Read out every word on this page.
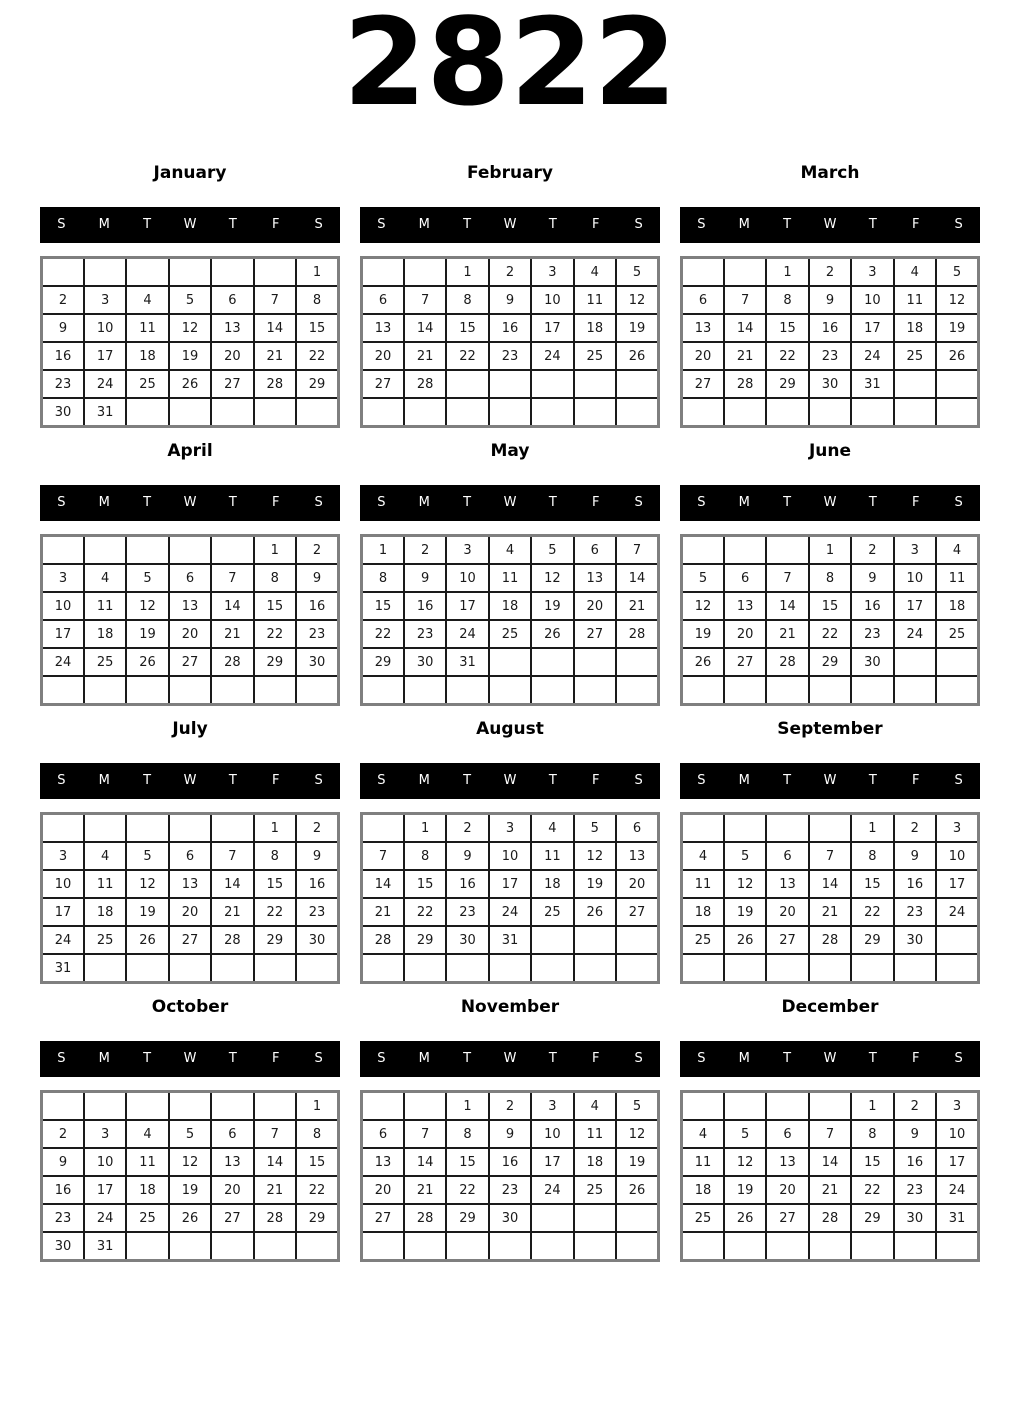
2822
January
S	M	T	W	T	F	S
						1
2	3	4	5	6	7	8
9	10	11	12	13	14	15
16	17	18	19	20	21	22
23	24	25	26	27	28	29
30	31					
February
S	M	T	W	T	F	S
		1	2	3	4	5
6	7	8	9	10	11	12
13	14	15	16	17	18	19
20	21	22	23	24	25	26
27	28					

March
S	M	T	W	T	F	S
		1	2	3	4	5
6	7	8	9	10	11	12
13	14	15	16	17	18	19
20	21	22	23	24	25	26
27	28	29	30	31		

April
S	M	T	W	T	F	S
					1	2
3	4	5	6	7	8	9
10	11	12	13	14	15	16
17	18	19	20	21	22	23
24	25	26	27	28	29	30

May
S	M	T	W	T	F	S
1	2	3	4	5	6	7
8	9	10	11	12	13	14
15	16	17	18	19	20	21
22	23	24	25	26	27	28
29	30	31				

June
S	M	T	W	T	F	S
			1	2	3	4
5	6	7	8	9	10	11
12	13	14	15	16	17	18
19	20	21	22	23	24	25
26	27	28	29	30		

July
S	M	T	W	T	F	S
					1	2
3	4	5	6	7	8	9
10	11	12	13	14	15	16
17	18	19	20	21	22	23
24	25	26	27	28	29	30
31						
August
S	M	T	W	T	F	S
	1	2	3	4	5	6
7	8	9	10	11	12	13
14	15	16	17	18	19	20
21	22	23	24	25	26	27
28	29	30	31			

September
S	M	T	W	T	F	S
				1	2	3
4	5	6	7	8	9	10
11	12	13	14	15	16	17
18	19	20	21	22	23	24
25	26	27	28	29	30	

October
S	M	T	W	T	F	S
						1
2	3	4	5	6	7	8
9	10	11	12	13	14	15
16	17	18	19	20	21	22
23	24	25	26	27	28	29
30	31					
November
S	M	T	W	T	F	S
		1	2	3	4	5
6	7	8	9	10	11	12
13	14	15	16	17	18	19
20	21	22	23	24	25	26
27	28	29	30			

December
S	M	T	W	T	F	S
				1	2	3
4	5	6	7	8	9	10
11	12	13	14	15	16	17
18	19	20	21	22	23	24
25	26	27	28	29	30	31
